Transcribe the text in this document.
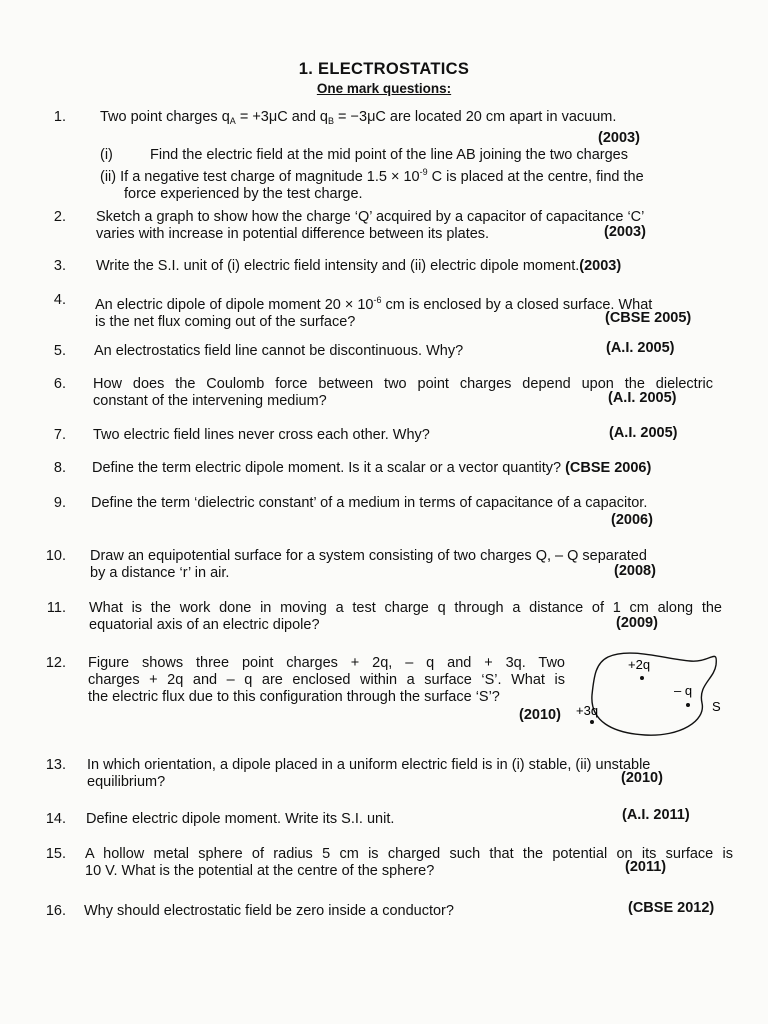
1. ELECTROSTATICS
One mark questions:
1. Two point charges $q_A = +3\mu C$ and $q_B = -3\mu C$ are located 20 cm apart in vacuum.
(2003)
(i)	Find the electric field at the mid point of the line AB joining the two charges
(ii) If a negative test charge of magnitude $1.5 \times 10^{-9}$ C is placed at the centre, find the
force experienced by the test charge.
2. Sketch a graph to show how the charge ‘Q’ acquired by a capacitor of capacitance ‘C’
varies with increase in potential difference between its plates.	(2003)
3. Write the S.I. unit of (i) electric field intensity and (ii) electric dipole moment.(2003)
4. An electric dipole of dipole moment $20 \times 10^{-6}$ cm is enclosed by a closed surface. What
is the net flux coming out of the surface?	(CBSE 2005)
5. An electrostatics field line cannot be discontinuous. Why?	(A.I. 2005)
6. How does the Coulomb force between two point charges depend upon the dielectric
constant of the intervening medium?	(A.I. 2005)
7. Two electric field lines never cross each other. Why?	(A.I. 2005)
8. Define the term electric dipole moment. Is it a scalar or a vector quantity? (CBSE 2006)
9. Define the term ‘dielectric constant’ of a medium in terms of capacitance of a capacitor.
(2006)
10. Draw an equipotential surface for a system consisting of two charges Q, – Q separated
by a distance ‘r’ in air.	(2008)
11. What is the work done in moving a test charge q through a distance of 1 cm along the
equatorial axis of an electric dipole?	(2009)
12. Figure shows three point charges + 2q, – q and + 3q. Two
charges + 2q and – q are enclosed within a surface ‘S’. What is
the electric flux due to this configuration through the surface ‘S’?
(2010)
+2q
– q
+3q	S
13. In which orientation, a dipole placed in a uniform electric field is in (i) stable, (ii) unstable
equilibrium?	(2010)
14. Define electric dipole moment. Write its S.I. unit.	(A.I. 2011)
15. A hollow metal sphere of radius 5 cm is charged such that the potential on its surface is
10 V. What is the potential at the centre of the sphere?	(2011)
16. Why should electrostatic field be zero inside a conductor?	(CBSE 2012)
